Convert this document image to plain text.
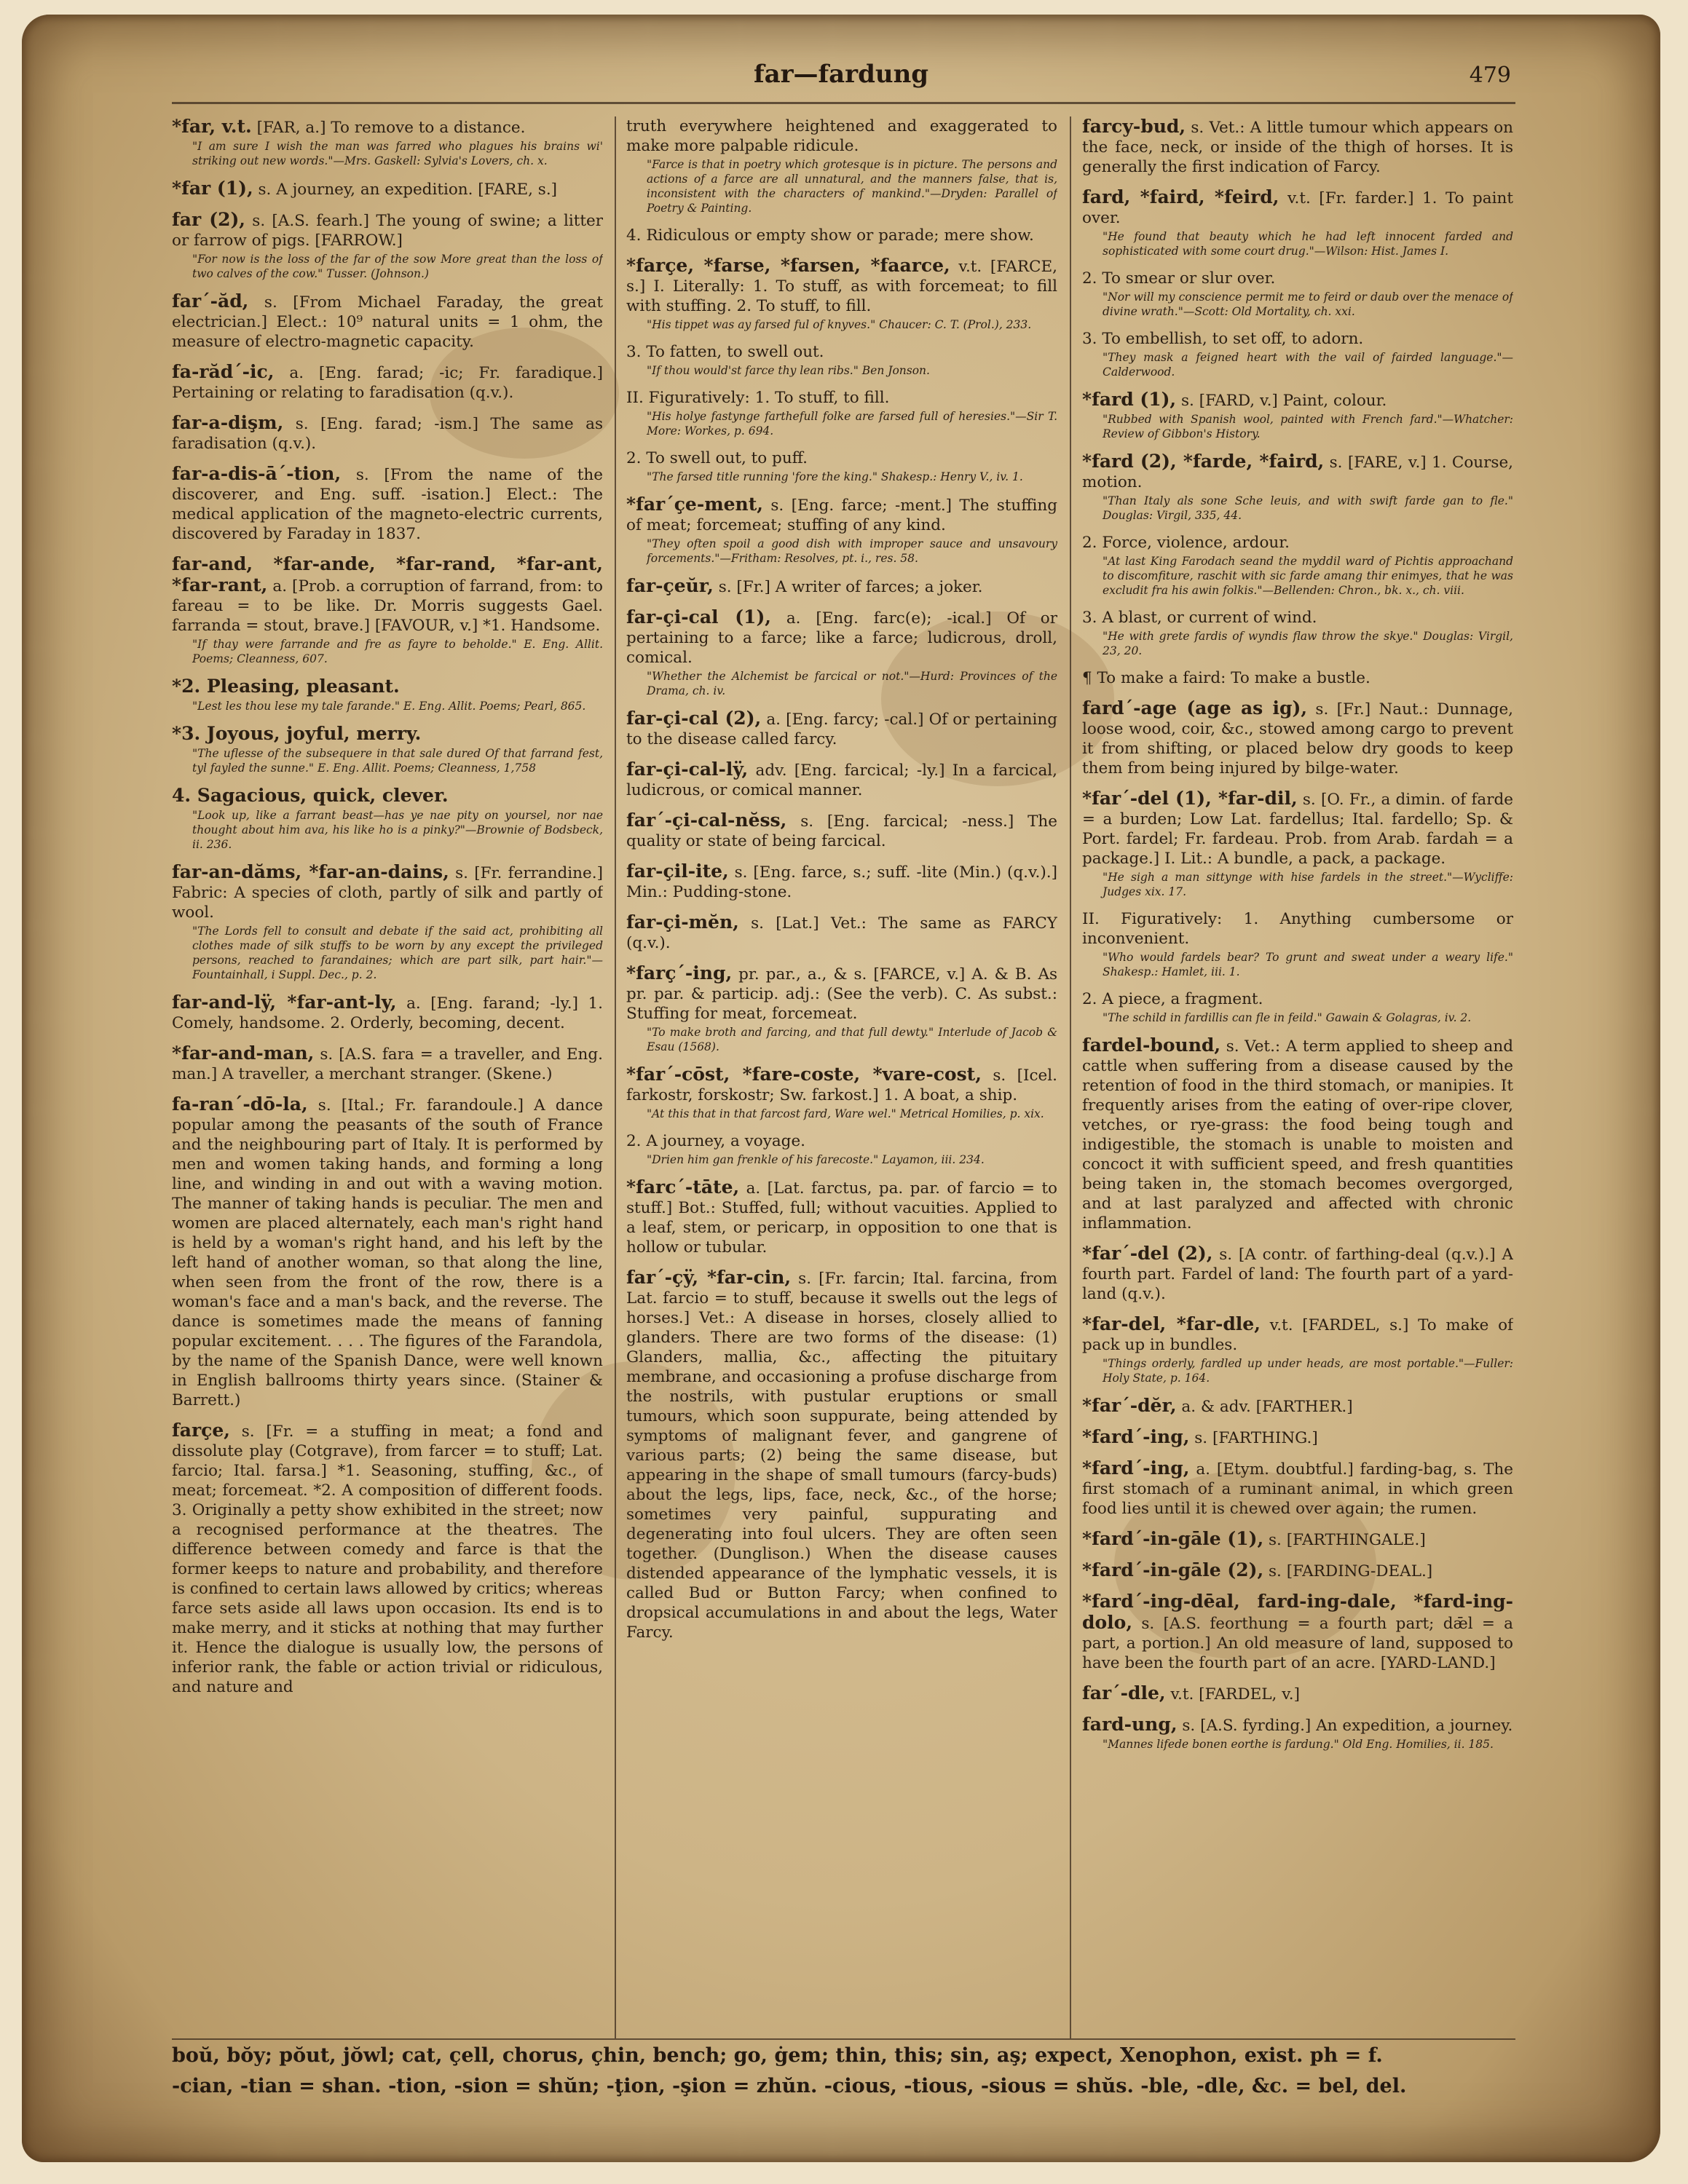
far—fardung	479
*far, v.t. [FAR, a.] To remove to a distance.
"I am sure I wish the man was farred who plagues his brains wi' striking out new words."—Mrs. Gaskell: Sylvia's Lovers, ch. x.
*far (1), s. A journey, an expedition. [FARE, s.]
far (2), s. [A.S. fearh.] The young of swine; a litter or farrow of pigs. [FARROW.]
"For now is the loss of the far of the sow More great than the loss of two calves of the cow." Tusser. (Johnson.)
far´-ăd, s. [From Michael Faraday, the great electrician.] Elect.: 10⁹ natural units = 1 ohm, the measure of electro-magnetic capacity.
fa-răd´-ic, a. [Eng. farad; -ic; Fr. faradique.] Pertaining or relating to faradisation (q.v.).
far-a-dişm, s. [Eng. farad; -ism.] The same as faradisation (q.v.).
far-a-dis-ā´-tion, s. [From the name of the discoverer, and Eng. suff. -isation.] Elect.: The medical application of the magneto-electric currents, discovered by Faraday in 1837.
far-and, *far-ande, *far-rand, *far-ant, *far-rant, a. [Prob. a corruption of farrand, from: to fareau = to be like. Dr. Morris suggests Gael. farranda = stout, brave.] [FAVOUR, v.] *1. Handsome.
"If thay were farrande and fre as fayre to beholde." E. Eng. Allit. Poems; Cleanness, 607.
*2. Pleasing, pleasant.
"Lest les thou lese my tale farande." E. Eng. Allit. Poems; Pearl, 865.
*3. Joyous, joyful, merry.
"The uflesse of the subsequere in that sale dured Of that farrand fest, tyl fayled the sunne." E. Eng. Allit. Poems; Cleanness, 1,758
4. Sagacious, quick, clever.
"Look up, like a farrant beast—has ye nae pity on yoursel, nor nae thought about him ava, his like ho is a pinky?"—Brownie of Bodsbeck, ii. 236.
far-an-dăms, *far-an-dains, s. [Fr. ferrandine.] Fabric: A species of cloth, partly of silk and partly of wool.
"The Lords fell to consult and debate if the said act, prohibiting all clothes made of silk stuffs to be worn by any except the privileged persons, reached to farandaines; which are part silk, part hair."—Fountainhall, i Suppl. Dec., p. 2.
far-and-lÿ, *far-ant-ly, a. [Eng. farand; -ly.] 1. Comely, handsome. 2. Orderly, becoming, decent.
*far-and-man, s. [A.S. fara = a traveller, and Eng. man.] A traveller, a merchant stranger. (Skene.)
fa-ran´-dō-la, s. [Ital.; Fr. farandoule.] A dance popular among the peasants of the south of France and the neighbouring part of Italy. It is performed by men and women taking hands, and forming a long line, and winding in and out with a waving motion. The manner of taking hands is peculiar. The men and women are placed alternately, each man's right hand is held by a woman's right hand, and his left by the left hand of another woman, so that along the line, when seen from the front of the row, there is a woman's face and a man's back, and the reverse. The dance is sometimes made the means of fanning popular excitement. . . . The figures of the Farandola, by the name of the Spanish Dance, were well known in English ballrooms thirty years since. (Stainer & Barrett.)
farçe, s. [Fr. = a stuffing in meat; a fond and dissolute play (Cotgrave), from farcer = to stuff; Lat. farcio; Ital. farsa.] *1. Seasoning, stuffing, &c., of meat; forcemeat. *2. A composition of different foods. 3. Originally a petty show exhibited in the street; now a recognised performance at the theatres. The difference between comedy and farce is that the former keeps to nature and probability, and therefore is confined to certain laws allowed by critics; whereas farce sets aside all laws upon occasion. Its end is to make merry, and it sticks at nothing that may further it. Hence the dialogue is usually low, the persons of inferior rank, the fable or action trivial or ridiculous, and nature and
truth everywhere heightened and exaggerated to make more palpable ridicule.
"Farce is that in poetry which grotesque is in picture. The persons and actions of a farce are all unnatural, and the manners false, that is, inconsistent with the characters of mankind."—Dryden: Parallel of Poetry & Painting.
4. Ridiculous or empty show or parade; mere show.
*farçe, *farse, *farsen, *faarce, v.t. [FARCE, s.] I. Literally: 1. To stuff, as with forcemeat; to fill with stuffing. 2. To stuff, to fill.
"His tippet was ay farsed ful of knyves." Chaucer: C. T. (Prol.), 233.
3. To fatten, to swell out.
"If thou would'st farce thy lean ribs." Ben Jonson.
II. Figuratively: 1. To stuff, to fill.
"His holye fastynge farthefull folke are farsed full of heresies."—Sir T. More: Workes, p. 694.
2. To swell out, to puff.
"The farsed title running 'fore the king." Shakesp.: Henry V., iv. 1.
*far´çe-ment, s. [Eng. farce; -ment.] The stuffing of meat; forcemeat; stuffing of any kind.
"They often spoil a good dish with improper sauce and unsavoury forcements."—Fritham: Resolves, pt. i., res. 58.
far-çeŭr, s. [Fr.] A writer of farces; a joker.
far-çi-cal (1), a. [Eng. farc(e); -ical.] Of or pertaining to a farce; like a farce; ludicrous, droll, comical.
"Whether the Alchemist be farcical or not."—Hurd: Provinces of the Drama, ch. iv.
far-çi-cal (2), a. [Eng. farcy; -cal.] Of or pertaining to the disease called farcy.
far-çi-cal-lÿ, adv. [Eng. farcical; -ly.] In a farcical, ludicrous, or comical manner.
far´-çi-cal-nĕss, s. [Eng. farcical; -ness.] The quality or state of being farcical.
far-çil-ite, s. [Eng. farce, s.; suff. -lite (Min.) (q.v.).] Min.: Pudding-stone.
far-çi-mĕn, s. [Lat.] Vet.: The same as FARCY (q.v.).
*farç´-ing, pr. par., a., & s. [FARCE, v.] A. & B. As pr. par. & particip. adj.: (See the verb). C. As subst.: Stuffing for meat, forcemeat.
"To make broth and farcing, and that full dewty." Interlude of Jacob & Esau (1568).
*far´-cōst, *fare-coste, *vare-cost, s. [Icel. farkostr, forskostr; Sw. farkost.] 1. A boat, a ship.
"At this that in that farcost fard, Ware wel." Metrical Homilies, p. xix.
2. A journey, a voyage.
"Drien him gan frenkle of his farecoste." Layamon, iii. 234.
*farc´-tāte, a. [Lat. farctus, pa. par. of farcio = to stuff.] Bot.: Stuffed, full; without vacuities. Applied to a leaf, stem, or pericarp, in opposition to one that is hollow or tubular.
far´-çÿ, *far-cin, s. [Fr. farcin; Ital. farcina, from Lat. farcio = to stuff, because it swells out the legs of horses.] Vet.: A disease in horses, closely allied to glanders. There are two forms of the disease: (1) Glanders, mallia, &c., affecting the pituitary membrane, and occasioning a profuse discharge from the nostrils, with pustular eruptions or small tumours, which soon suppurate, being attended by symptoms of malignant fever, and gangrene of various parts; (2) being the same disease, but appearing in the shape of small tumours (farcy-buds) about the legs, lips, face, neck, &c., of the horse; sometimes very painful, suppurating and degenerating into foul ulcers. They are often seen together. (Dunglison.) When the disease causes distended appearance of the lymphatic vessels, it is called Bud or Button Farcy; when confined to dropsical accumulations in and about the legs, Water Farcy.
farcy-bud, s. Vet.: A little tumour which appears on the face, neck, or inside of the thigh of horses. It is generally the first indication of Farcy.
fard, *faird, *feird, v.t. [Fr. farder.] 1. To paint over.
"He found that beauty which he had left innocent farded and sophisticated with some court drug."—Wilson: Hist. James I.
2. To smear or slur over.
"Nor will my conscience permit me to feird or daub over the menace of divine wrath."—Scott: Old Mortality, ch. xxi.
3. To embellish, to set off, to adorn.
"They mask a feigned heart with the vail of fairded language."—Calderwood.
*fard (1), s. [FARD, v.] Paint, colour.
"Rubbed with Spanish wool, painted with French fard."—Whatcher: Review of Gibbon's History.
*fard (2), *farde, *faird, s. [FARE, v.] 1. Course, motion.
"Than Italy als sone Sche leuis, and with swift farde gan to fle." Douglas: Virgil, 335, 44.
2. Force, violence, ardour.
"At last King Farodach seand the myddil ward of Pichtis approachand to discomfiture, raschit with sic farde amang thir enimyes, that he was excludit fra his awin folkis."—Bellenden: Chron., bk. x., ch. viii.
3. A blast, or current of wind.
"He with grete fardis of wyndis flaw throw the skye." Douglas: Virgil, 23, 20.
¶ To make a faird: To make a bustle.
fard´-age (age as ig), s. [Fr.] Naut.: Dunnage, loose wood, coir, &c., stowed among cargo to prevent it from shifting, or placed below dry goods to keep them from being injured by bilge-water.
*far´-del (1), *far-dil, s. [O. Fr., a dimin. of farde = a burden; Low Lat. fardellus; Ital. fardello; Sp. & Port. fardel; Fr. fardeau. Prob. from Arab. fardah = a package.] I. Lit.: A bundle, a pack, a package.
"He sigh a man sittynge with hise fardels in the street."—Wycliffe: Judges xix. 17.
II. Figuratively: 1. Anything cumbersome or inconvenient.
"Who would fardels bear? To grunt and sweat under a weary life." Shakesp.: Hamlet, iii. 1.
2. A piece, a fragment.
"The schild in fardillis can fle in feild." Gawain & Golagras, iv. 2.
fardel-bound, s. Vet.: A term applied to sheep and cattle when suffering from a disease caused by the retention of food in the third stomach, or manipies. It frequently arises from the eating of over-ripe clover, vetches, or rye-grass: the food being tough and indigestible, the stomach is unable to moisten and concoct it with sufficient speed, and fresh quantities being taken in, the stomach becomes overgorged, and at last paralyzed and affected with chronic inflammation.
*far´-del (2), s. [A contr. of farthing-deal (q.v.).] A fourth part. Fardel of land: The fourth part of a yard-land (q.v.).
*far-del, *far-dle, v.t. [FARDEL, s.] To make of pack up in bundles.
"Things orderly, fardled up under heads, are most portable."—Fuller: Holy State, p. 164.
*far´-dĕr, a. & adv. [FARTHER.]
*fard´-ing, s. [FARTHING.]
*fard´-ing, a. [Etym. doubtful.] farding-bag, s. The first stomach of a ruminant animal, in which green food lies until it is chewed over again; the rumen.
*fard´-in-gāle (1), s. [FARTHINGALE.]
*fard´-in-gāle (2), s. [FARDING-DEAL.]
*fard´-ing-dēal, fard-ing-dale, *fard-ing-dolo, s. [A.S. feorthung = a fourth part; dǣl = a part, a portion.] An old measure of land, supposed to have been the fourth part of an acre. [YARD-LAND.]
far´-dle, v.t. [FARDEL, v.]
fard-ung, s. [A.S. fyrding.] An expedition, a journey.
"Mannes lifede bonen eorthe is fardung." Old Eng. Homilies, ii. 185.
boŭ, bŏy; pŏut, jŏwl; cat, çell, chorus, çhin, bench; go, ġem; thin, this; sin, aş; expect, Xenophon, exist. ph = f.
-cian, -tian = shan. -tion, -sion = shŭn; -ţion, -şion = zhŭn. -cious, -tious, -sious = shŭs. -ble, -dle, &c. = bel, del.
